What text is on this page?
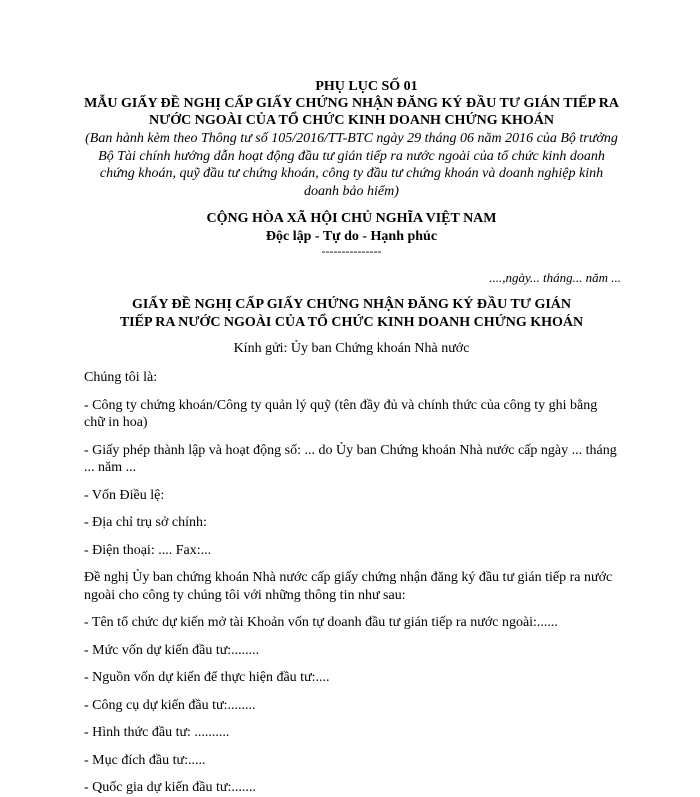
PHỤ LỤC SỐ 01
MẪU GIẤY ĐỀ NGHỊ CẤP GIẤY CHỨNG NHẬN ĐĂNG KÝ ĐẦU TƯ GIÁN TIẾP RA
NƯỚC NGOÀI CỦA TỔ CHỨC KINH DOANH CHỨNG KHOÁN
(Ban hành kèm theo Thông tư số 105/2016/TT-BTC ngày 29 tháng 06 năm 2016 của Bộ trưởng Bộ Tài chính hướng dẫn hoạt động đầu tư gián tiếp ra nước ngoài của tổ chức kinh doanh chứng khoán, quỹ đầu tư chứng khoán, công ty đầu tư chứng khoán và doanh nghiệp kinh doanh bảo hiểm)
CỘNG HÒA XÃ HỘI CHỦ NGHĨA VIỆT NAM
Độc lập - Tự do - Hạnh phúc
---------------
....,ngày... tháng... năm ...
GIẤY ĐỀ NGHỊ CẤP GIẤY CHỨNG NHẬN ĐĂNG KÝ ĐẦU TƯ GIÁN
TIẾP RA NƯỚC NGOÀI CỦA TỔ CHỨC KINH DOANH CHỨNG KHOÁN
Kính gửi: Ủy ban Chứng khoán Nhà nước
Chúng tôi là:
- Công ty chứng khoán/Công ty quản lý quỹ (tên đầy đủ và chính thức của công ty ghi bằng chữ in hoa)
- Giấy phép thành lập và hoạt động số: ... do Ủy ban Chứng khoán Nhà nước cấp ngày ... tháng ... năm ...
- Vốn Điều lệ:
- Địa chỉ trụ sở chính:
- Điện thoại: .... Fax:...
Đề nghị Ủy ban chứng khoán Nhà nước cấp giấy chứng nhận đăng ký đầu tư gián tiếp ra nước ngoài cho công ty chúng tôi với những thông tin như sau:
- Tên tổ chức dự kiến mở tài Khoản vốn tự doanh đầu tư gián tiếp ra nước ngoài:......
- Mức vốn dự kiến đầu tư:........
- Nguồn vốn dự kiến để thực hiện đầu tư:....
- Công cụ dự kiến đầu tư:........
- Hình thức đầu tư: ..........
- Mục đích đầu tư:.....
- Quốc gia dự kiến đầu tư:.......
